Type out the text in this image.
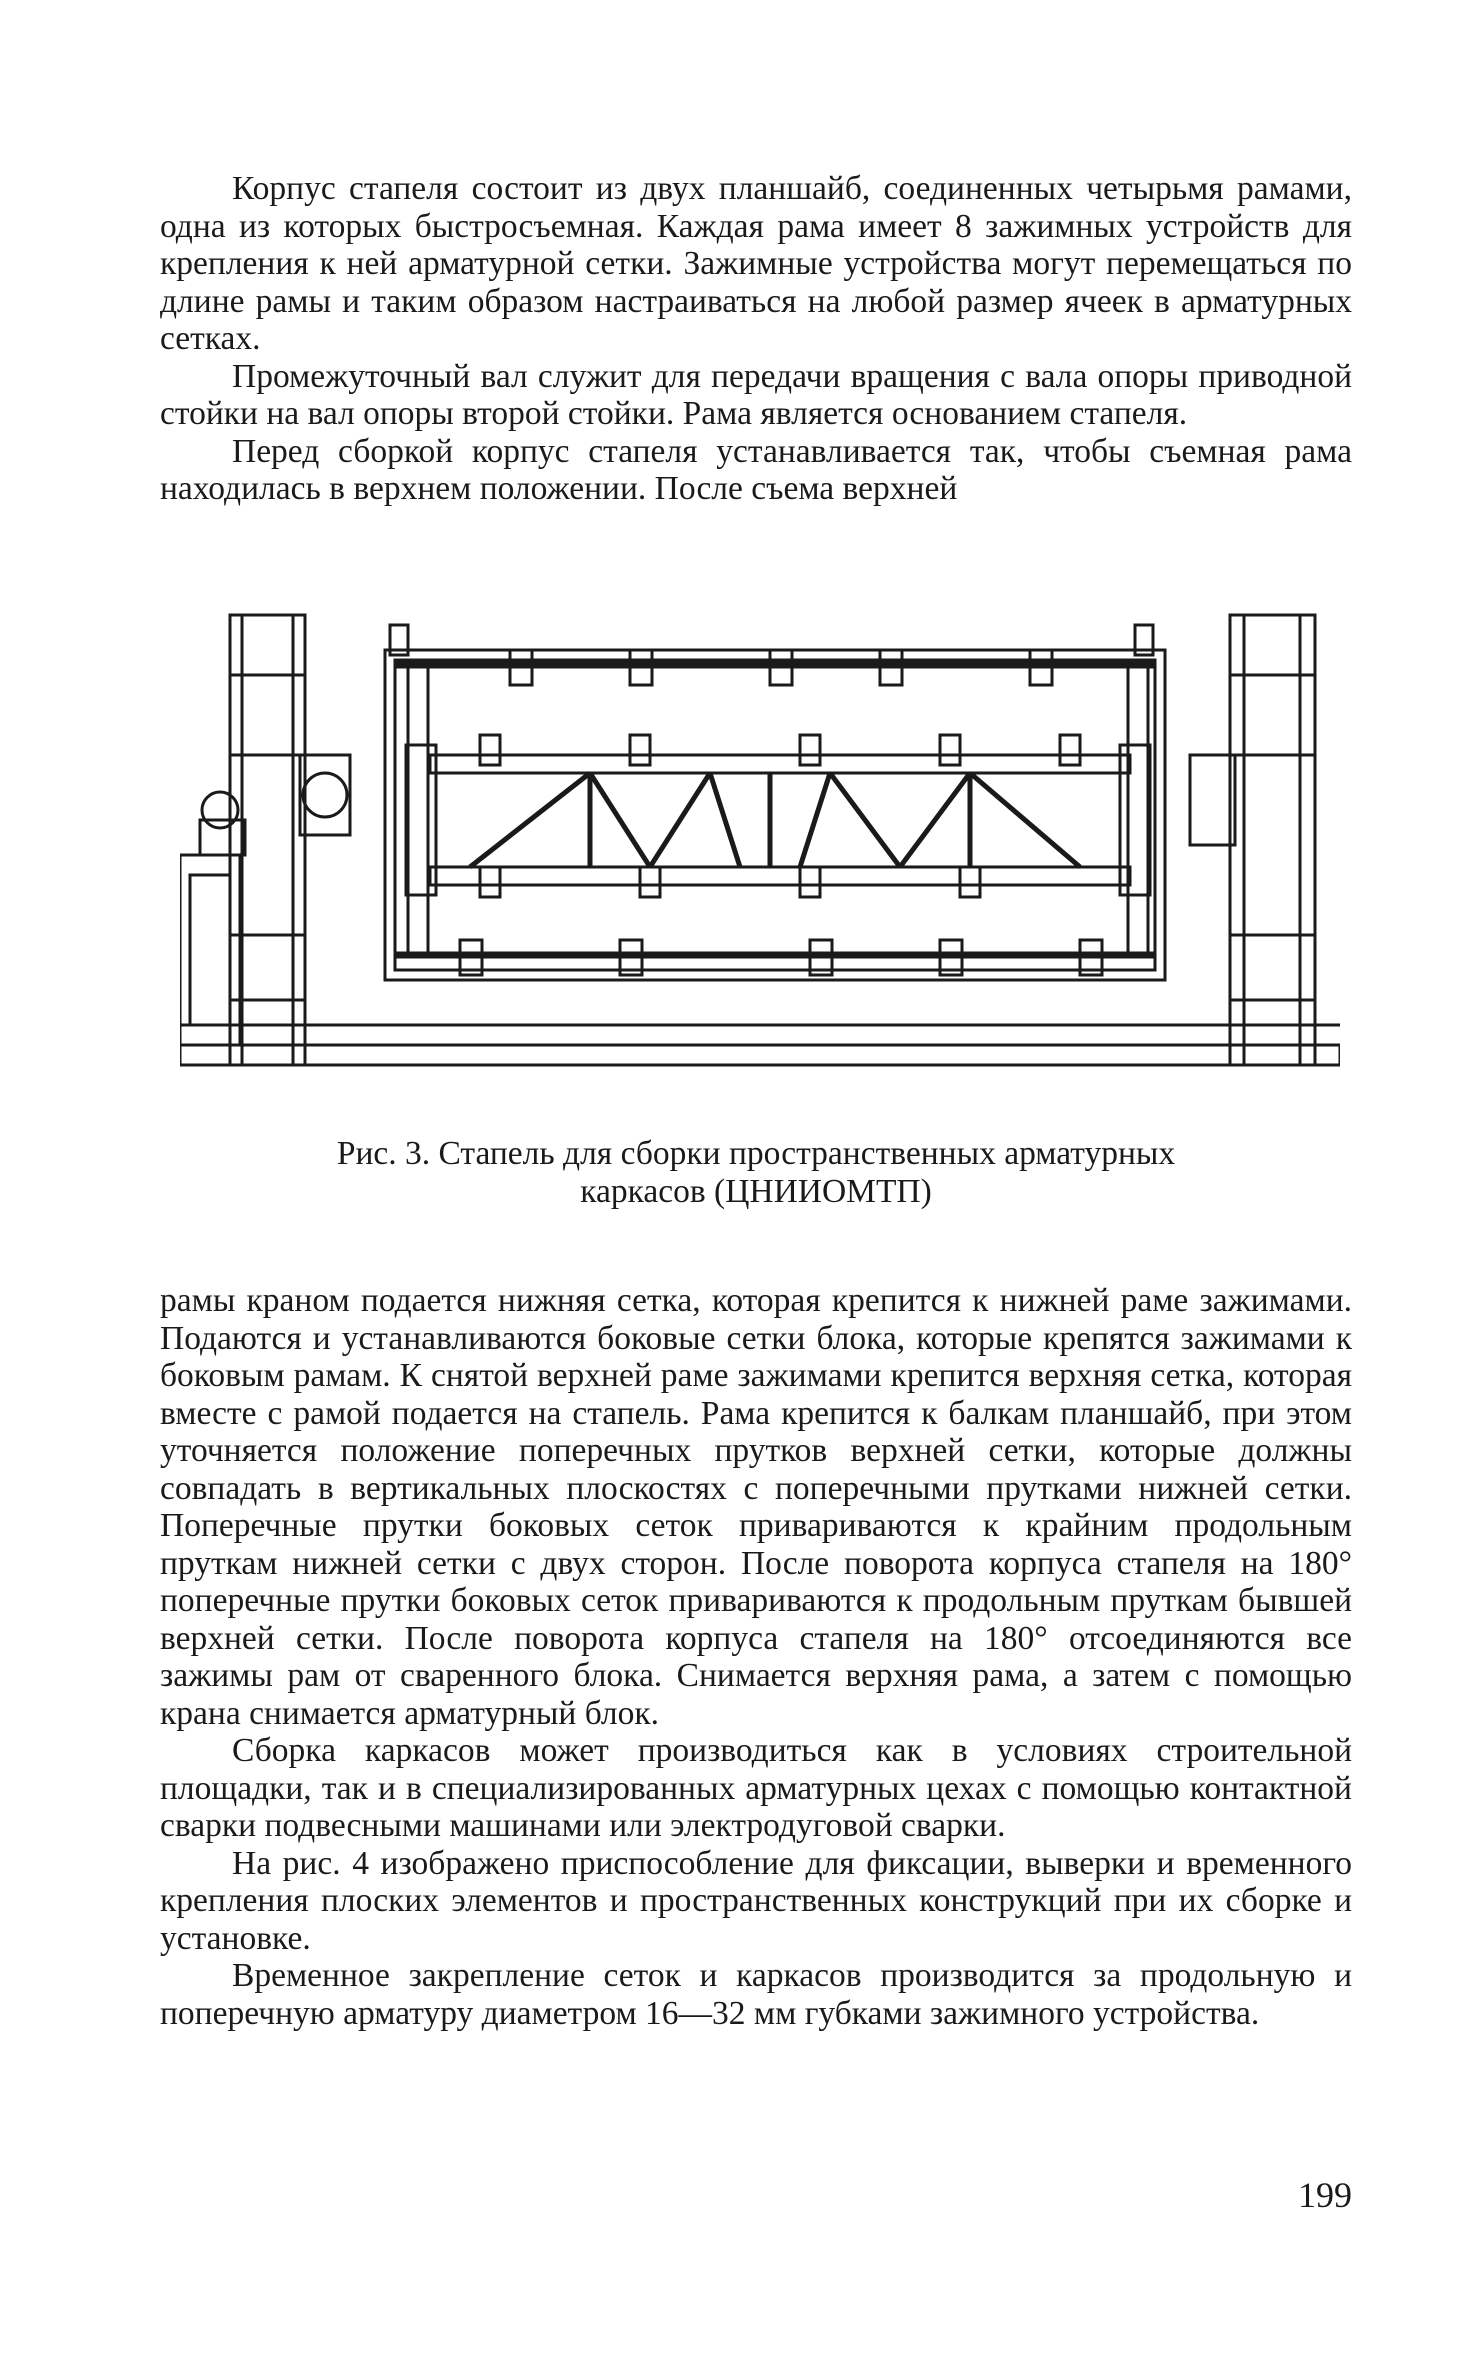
Корпус стапеля состоит из двух планшайб, соединенных четырьмя рамами, одна из которых быстросъемная. Каждая рама имеет 8 зажимных устройств для крепления к ней арматурной сетки. Зажимные устройства могут перемещаться по длине рамы и таким образом настраиваться на любой размер ячеек в арматурных сетках.

Промежуточный вал служит для передачи вращения с вала опоры приводной стойки на вал опоры второй стойки. Рама является основанием стапеля.

Перед сборкой корпус стапеля устанавливается так, чтобы съемная рама находилась в верхнем положении. После съема верхней

Рис. 3. Стапель для сборки пространственных арматурных
каркасов (ЦНИИОМТП)

рамы краном подается нижняя сетка, которая крепится к нижней раме зажимами. Подаются и устанавливаются боковые сетки блока, которые крепятся зажимами к боковым рамам. К снятой верхней раме зажимами крепится верхняя сетка, которая вместе с рамой подается на стапель. Рама крепится к балкам планшайб, при этом уточняется положение поперечных прутков верхней сетки, которые должны совпадать в вертикальных плоскостях с поперечными прутками нижней сетки. Поперечные прутки боковых сеток привариваются к крайним продольным пруткам нижней сетки с двух сторон. После поворота корпуса стапеля на 180° поперечные прутки боковых сеток привариваются к продольным пруткам бывшей верхней сетки. После поворота корпуса стапеля на 180° отсоединяются все зажимы рам от сваренного блока. Снимается верхняя рама, а затем с помощью крана снимается арматурный блок.

Сборка каркасов может производиться как в условиях строительной площадки, так и в специализированных арматурных цехах с помощью контактной сварки подвесными машинами или электродуговой сварки.

На рис. 4 изображено приспособление для фиксации, выверки и временного крепления плоских элементов и пространственных конструкций при их сборке и установке.

Временное закрепление сеток и каркасов производится за продольную и поперечную арматуру диаметром 16—32 мм губками зажимного устройства.

199
